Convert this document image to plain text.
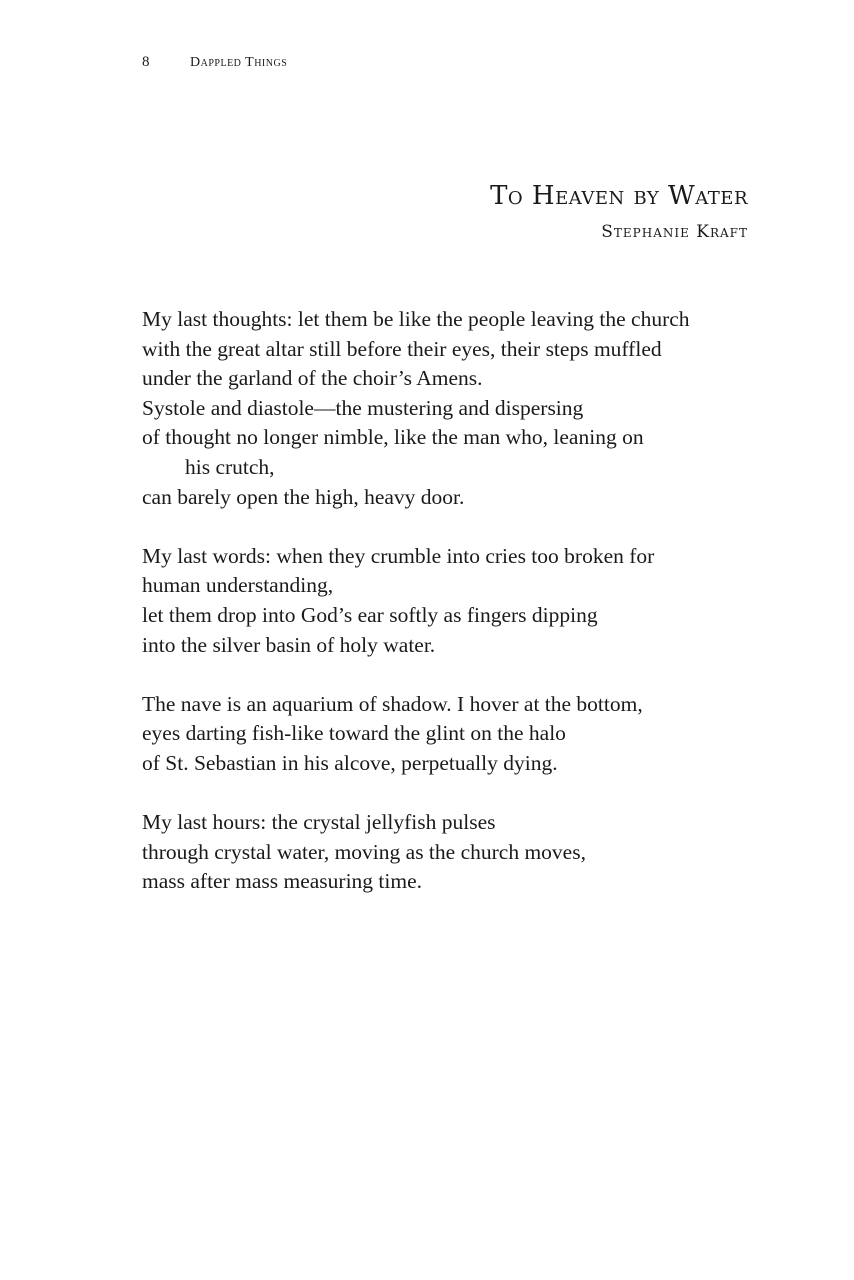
8	Dappled Things
To Heaven by Water
Stephanie Kraft
My last thoughts: let them be like the people leaving the church
with the great altar still before their eyes, their steps muffled
under the garland of the choir’s Amens.
Systole and diastole—the mustering and dispersing
of thought no longer nimble, like the man who, leaning on
his crutch,
can barely open the high, heavy door.
My last words: when they crumble into cries too broken for
human understanding,
let them drop into God’s ear softly as fingers dipping
into the silver basin of holy water.
The nave is an aquarium of shadow. I hover at the bottom,
eyes darting fish-like toward the glint on the halo
of St. Sebastian in his alcove, perpetually dying.
My last hours: the crystal jellyfish pulses
through crystal water, moving as the church moves,
mass after mass measuring time.
